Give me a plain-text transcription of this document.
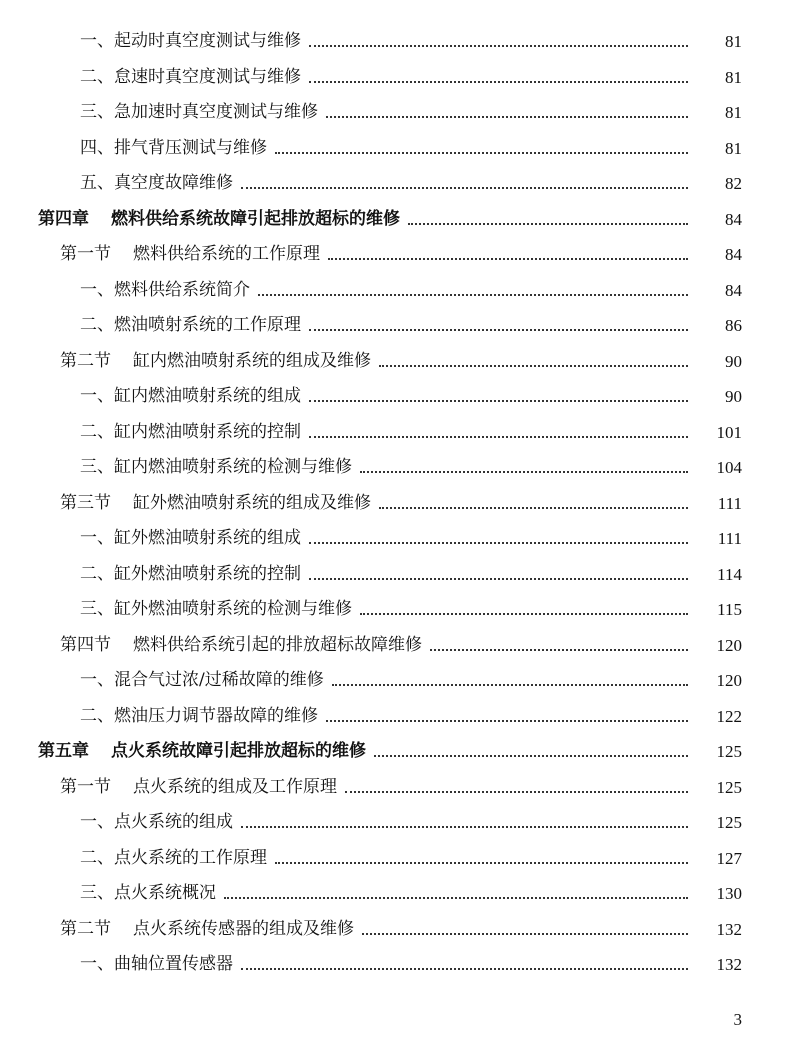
一、 起动时真空度测试与维修	81
二、 怠速时真空度测试与维修	81
三、 急加速时真空度测试与维修	81
四、 排气背压测试与维修	81
五、 真空度故障维修	82
第四章 燃料供给系统故障引起排放超标的维修	84
第一节 燃料供给系统的工作原理	84
一、 燃料供给系统简介	84
二、 燃油喷射系统的工作原理	86
第二节 缸内燃油喷射系统的组成及维修	90
一、 缸内燃油喷射系统的组成	90
二、 缸内燃油喷射系统的控制	101
三、 缸内燃油喷射系统的检测与维修	104
第三节 缸外燃油喷射系统的组成及维修	111
一、 缸外燃油喷射系统的组成	111
二、 缸外燃油喷射系统的控制	114
三、 缸外燃油喷射系统的检测与维修	115
第四节 燃料供给系统引起的排放超标故障维修	120
一、 混合气过浓/过稀故障的维修	120
二、 燃油压力调节器故障的维修	122
第五章 点火系统故障引起排放超标的维修	125
第一节 点火系统的组成及工作原理	125
一、 点火系统的组成	125
二、 点火系统的工作原理	127
三、 点火系统概况	130
第二节 点火系统传感器的组成及维修	132
一、 曲轴位置传感器	132
3
